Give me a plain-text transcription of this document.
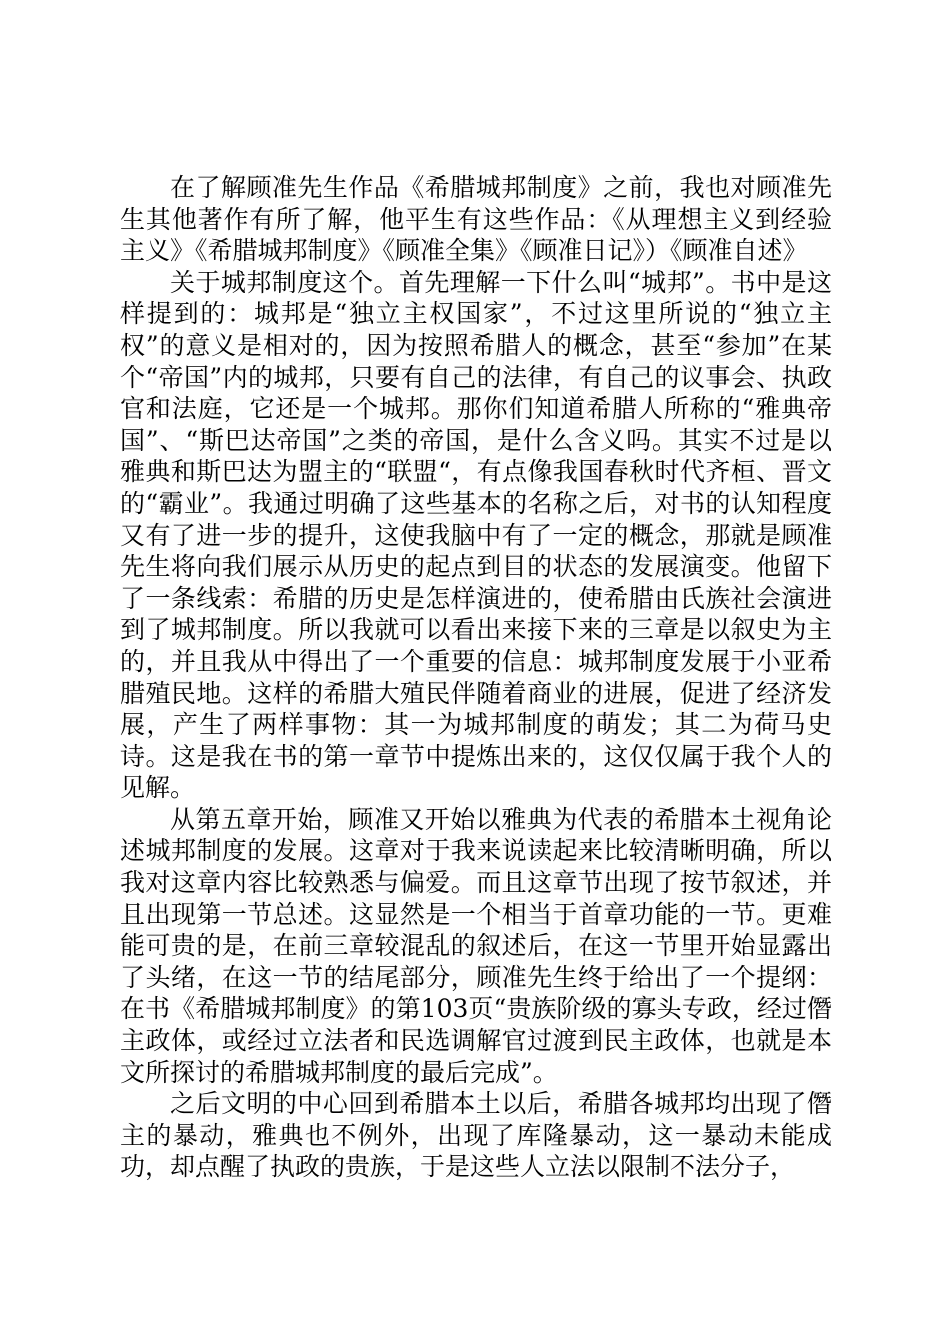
在了解顾准先生作品《希腊城邦制度》之前，我也对顾准先生其他著作有所了解，他平生有这些作品：《从理想主义到经验主义》《希腊城邦制度》《顾准全集》《顾准日记》）《顾准自述》

关于城邦制度这个。首先理解一下什么叫“城邦”。书中是这样提到的：城邦是“独立主权国家”，不过这里所说的“独立主权”的意义是相对的，因为按照希腊人的概念，甚至“参加”在某个“帝国”内的城邦，只要有自己的法律，有自己的议事会、执政官和法庭，它还是一个城邦。那你们知道希腊人所称的“雅典帝国”、“斯巴达帝国”之类的帝国，是什么含义吗。其实不过是以雅典和斯巴达为盟主的“联盟“，有点像我国春秋时代齐桓、晋文的“霸业”。我通过明确了这些基本的名称之后，对书的认知程度又有了进一步的提升，这使我脑中有了一定的概念，那就是顾准先生将向我们展示从历史的起点到目的状态的发展演变。他留下了一条线索：希腊的历史是怎样演进的，使希腊由氏族社会演进到了城邦制度。所以我就可以看出来接下来的三章是以叙史为主的，并且我从中得出了一个重要的信息：城邦制度发展于小亚希腊殖民地。这样的希腊大殖民伴随着商业的进展，促进了经济发展，产生了两样事物：其一为城邦制度的萌发；其二为荷马史诗。这是我在书的第一章节中提炼出来的，这仅仅属于我个人的见解。

从第五章开始，顾准又开始以雅典为代表的希腊本土视角论述城邦制度的发展。这章对于我来说读起来比较清晰明确，所以我对这章内容比较熟悉与偏爱。而且这章节出现了按节叙述，并且出现第一节总述。这显然是一个相当于首章功能的一节。更难能可贵的是，在前三章较混乱的叙述后，在这一节里开始显露出了头绪，在这一节的结尾部分，顾准先生终于给出了一个提纲：在书《希腊城邦制度》的第103页“贵族阶级的寡头专政，经过僭主政体，或经过立法者和民选调解官过渡到民主政体，也就是本文所探讨的希腊城邦制度的最后完成”。

之后文明的中心回到希腊本土以后，希腊各城邦均出现了僭主的暴动，雅典也不例外，出现了库隆暴动，这一暴动未能成功，却点醒了执政的贵族，于是这些人立法以限制不法分子，
